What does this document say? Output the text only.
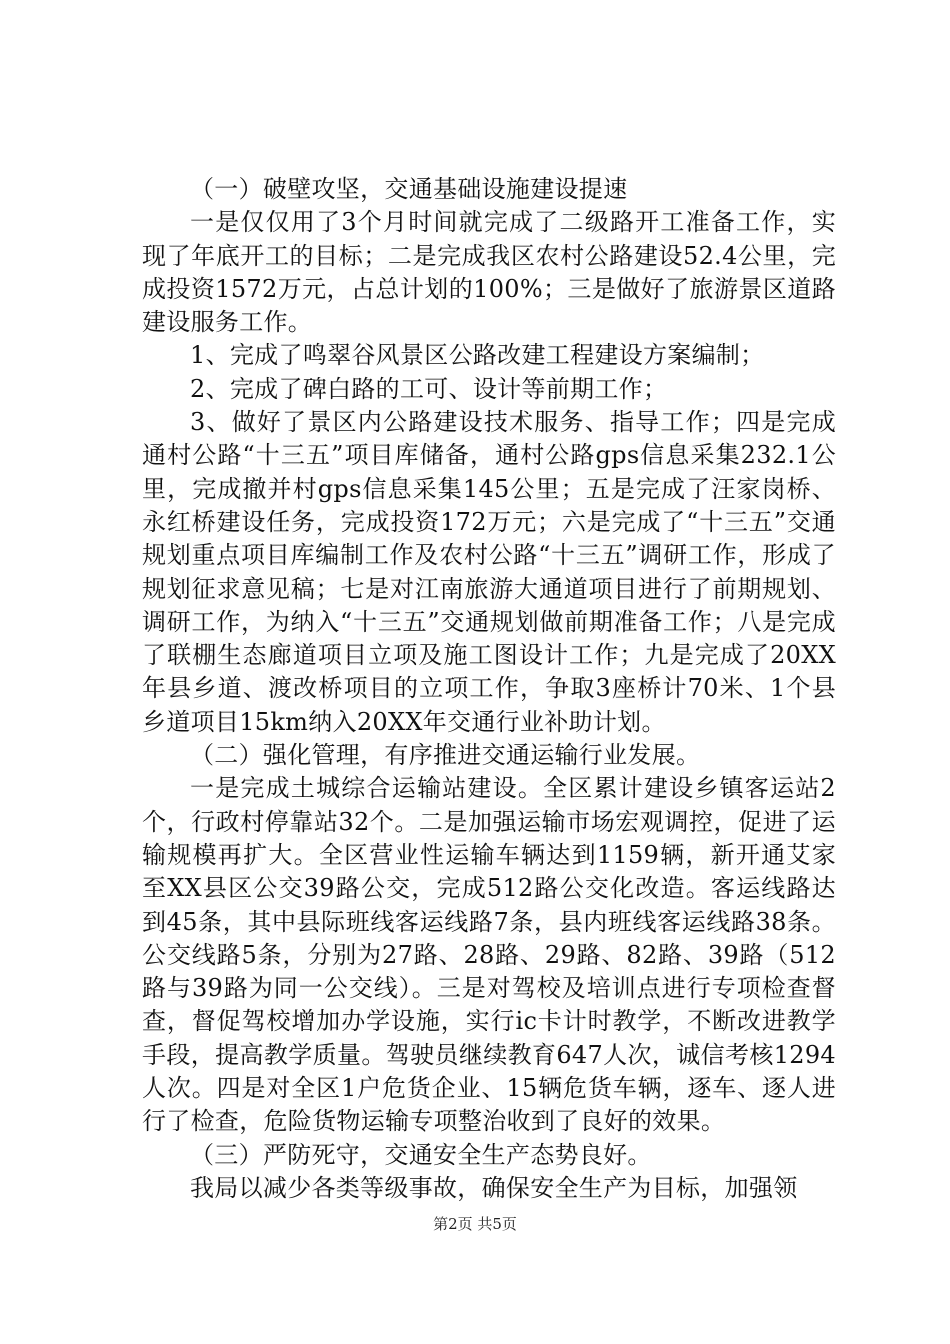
（一）破壁攻坚，交通基础设施建设提速

一是仅仅用了3个月时间就完成了二级路开工准备工作，实现了年底开工的目标；二是完成我区农村公路建设52.4公里，完成投资1572万元，占总计划的100%；三是做好了旅游景区道路建设服务工作。

1、完成了鸣翠谷风景区公路改建工程建设方案编制；

2、完成了碑白路的工可、设计等前期工作；

3、做好了景区内公路建设技术服务、指导工作；四是完成通村公路“十三五”项目库储备，通村公路gps信息采集232.1公里，完成撤并村gps信息采集145公里；五是完成了汪家岗桥、永红桥建设任务，完成投资172万元；六是完成了“十三五”交通规划重点项目库编制工作及农村公路“十三五”调研工作，形成了规划征求意见稿；七是对江南旅游大通道项目进行了前期规划、调研工作，为纳入“十三五”交通规划做前期准备工作；八是完成了联棚生态廊道项目立项及施工图设计工作；九是完成了20XX年县乡道、渡改桥项目的立项工作，争取3座桥计70米、1个县乡道项目15km纳入20XX年交通行业补助计划。

（二）强化管理，有序推进交通运输行业发展。

一是完成土城综合运输站建设。全区累计建设乡镇客运站2个，行政村停靠站32个。二是加强运输市场宏观调控，促进了运输规模再扩大。全区营业性运输车辆达到1159辆，新开通艾家至XX县区公交39路公交，完成512路公交化改造。客运线路达到45条，其中县际班线客运线路7条，县内班线客运线路38条。公交线路5条，分别为27路、28路、29路、82路、39路（512路与39路为同一公交线）。三是对驾校及培训点进行专项检查督查，督促驾校增加办学设施，实行ic卡计时教学，不断改进教学手段，提高教学质量。驾驶员继续教育647人次，诚信考核1294人次。四是对全区1户危货企业、15辆危货车辆，逐车、逐人进行了检查，危险货物运输专项整治收到了良好的效果。

（三）严防死守，交通安全生产态势良好。

我局以减少各类等级事故，确保安全生产为目标，加强领

第2页 共5页
